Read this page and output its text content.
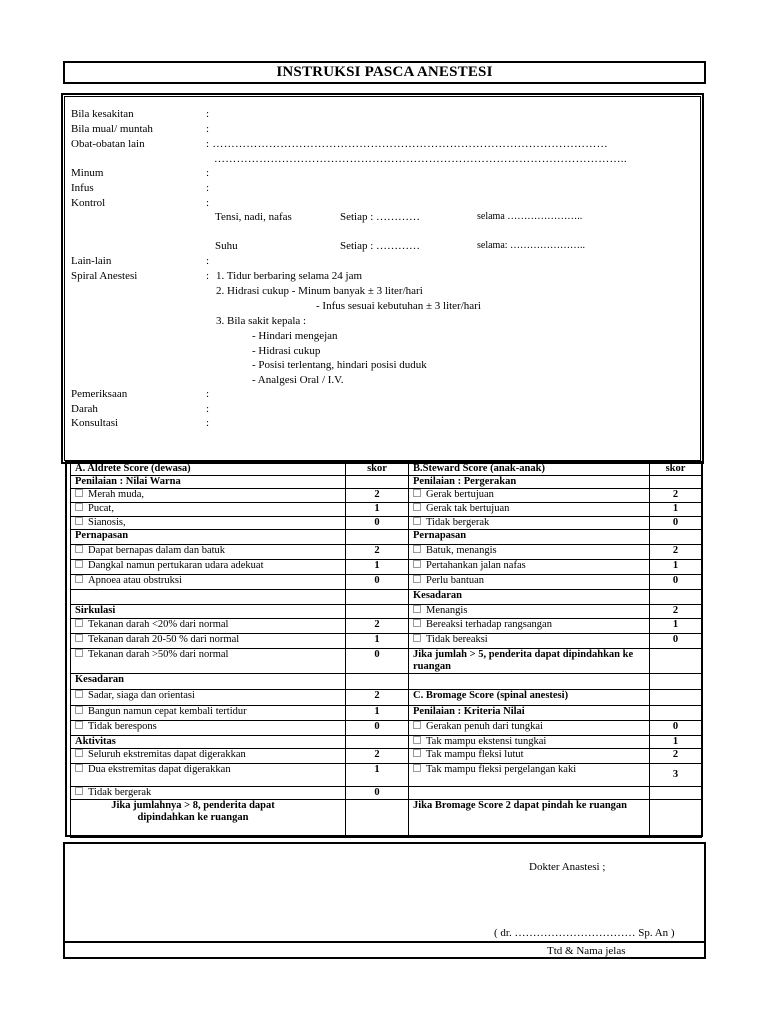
INSTRUKSI PASCA ANESTESI
Bila kesakitan	:
Bila mual/ muntah	:
Obat-obatan lain	: ……………………………………………………………………………………………
………………………………………………………………………………………………..
Minum	:
Infus	:
Kontrol	:
Tensi, nadi, nafas	Setiap : …………	selama …………………..
Suhu	Setiap : …………	selama: …………………..
Lain-lain	:
Spiral Anestesi	: 1. Tidur berbaring selama 24 jam
2. Hidrasi cukup - Minum banyak ± 3 liter/hari
- Infus sesuai kebutuhan ± 3 liter/hari
3. Bila sakit kepala :
- Hindari mengejan
- Hidrasi cukup
- Posisi terlentang, hindari posisi duduk
- Analgesi Oral / I.V.
Pemeriksaan	:
Darah	:
Konsultasi	:
A. Aldrete Score (dewasa)	skor	B.Steward Score (anak-anak)	skor
Penilaian : Nilai Warna		Penilaian : Pergerakan	
Merah muda,	2	Gerak bertujuan	2
Pucat,	1	Gerak tak bertujuan	1
Sianosis,	0	Tidak bergerak	0
Pernapasan		Pernapasan	
Dapat bernapas dalam dan batuk	2	Batuk, menangis	2
Dangkal namun pertukaran udara adekuat	1	Pertahankan jalan nafas	1
Apnoea atau obstruksi	0	Perlu bantuan	0
		Kesadaran	
Sirkulasi		Menangis	2
Tekanan darah <20% dari normal	2	Bereaksi terhadap rangsangan	1
Tekanan darah 20-50 % dari normal	1	Tidak bereaksi	0
Tekanan darah >50% dari normal	0	Jika jumlah > 5, penderita dapat dipindahkan ke ruangan	
Kesadaran			
Sadar, siaga dan orientasi	2	C. Bromage Score (spinal anestesi)	
Bangun namun cepat kembali tertidur	1	Penilaian : Kriteria Nilai	
Tidak berespons	0	Gerakan penuh dari tungkai	0
Aktivitas		Tak mampu ekstensi tungkai	1
Seluruh ekstremitas dapat digerakkan	2	Tak mampu fleksi lutut	2
Dua ekstremitas dapat digerakkan	1	Tak mampu fleksi pergelangan kaki	3
Tidak bergerak	0		
Jika jumlahnya > 8, penderita dapat dipindahkan ke ruangan		Jika Bromage Score 2 dapat pindah ke ruangan	
Dokter Anastesi ;
( dr. …………………………… Sp. An )
Ttd & Nama jelas
